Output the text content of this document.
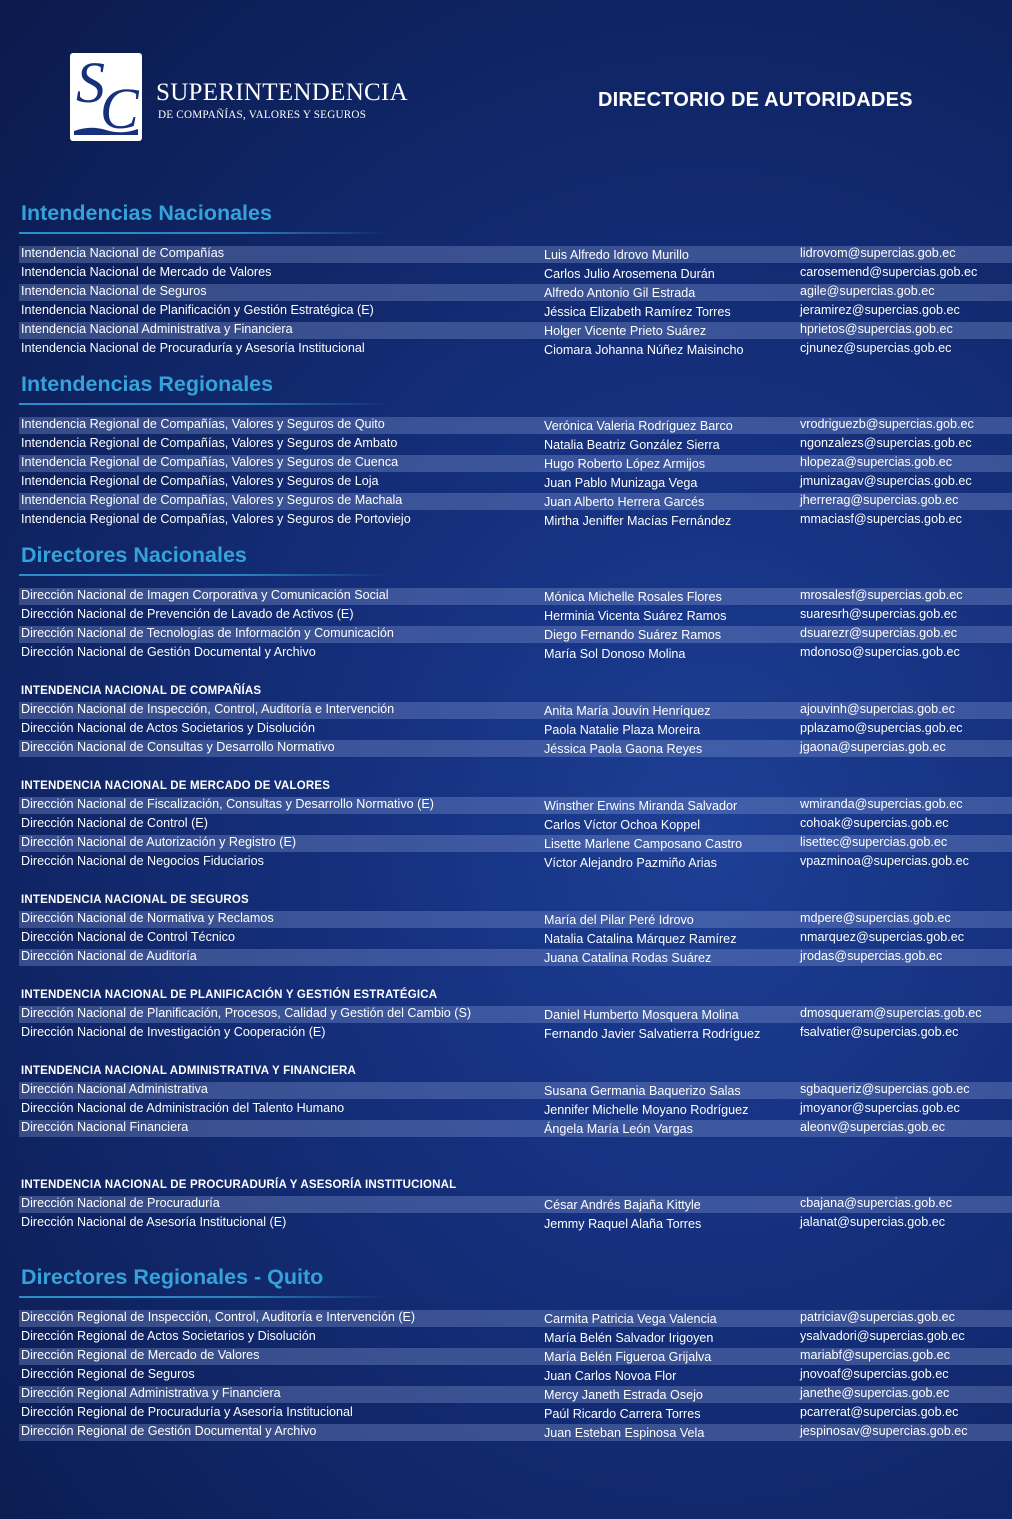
S
C SUPERINTENDENCIA
DE COMPAÑÍAS, VALORES Y SEGUROS
DIRECTORIO DE AUTORIDADES
Intendencias Nacionales
Intendencia Nacional de Compañías	Luis Alfredo Idrovo Murillo	lidrovom@supercias.gob.ec
Intendencia Nacional de Mercado de Valores	Carlos Julio Arosemena Durán	carosemend@supercias.gob.ec
Intendencia Nacional de Seguros	Alfredo Antonio Gil Estrada	agile@supercias.gob.ec
Intendencia Nacional de Planificación y Gestión Estratégica (E)	Jéssica Elizabeth Ramírez Torres	jeramirez@supercias.gob.ec
Intendencia Nacional Administrativa y Financiera	Holger Vicente Prieto Suárez	hprietos@supercias.gob.ec
Intendencia Nacional de Procuraduría y Asesoría Institucional	Ciomara Johanna Núñez Maisincho	cjnunez@supercias.gob.ec
Intendencias Regionales
Intendencia Regional de Compañías, Valores y Seguros de Quito	Verónica Valeria Rodríguez Barco	vrodriguezb@supercias.gob.ec
Intendencia Regional de Compañías, Valores y Seguros de Ambato	Natalia Beatriz González Sierra	ngonzalezs@supercias.gob.ec
Intendencia Regional de Compañías, Valores y Seguros de Cuenca	Hugo Roberto López Armijos	hlopeza@supercias.gob.ec
Intendencia Regional de Compañías, Valores y Seguros de Loja	Juan Pablo Munizaga Vega	jmunizagav@supercias.gob.ec
Intendencia Regional de Compañías, Valores y Seguros de Machala	Juan Alberto Herrera Garcés	jherrerag@supercias.gob.ec
Intendencia Regional de Compañías, Valores y Seguros de Portoviejo	Mirtha Jeniffer Macías Fernández	mmaciasf@supercias.gob.ec
Directores Nacionales
Dirección Nacional de Imagen Corporativa y Comunicación Social	Mónica Michelle Rosales Flores	mrosalesf@supercias.gob.ec
Dirección Nacional de Prevención de Lavado de Activos (E)	Herminia Vicenta Suárez Ramos	suaresrh@supercias.gob.ec
Dirección Nacional de Tecnologías de Información y Comunicación	Diego Fernando Suárez Ramos	dsuarezr@supercias.gob.ec
Dirección Nacional de Gestión Documental y Archivo	María Sol Donoso Molina	mdonoso@supercias.gob.ec
INTENDENCIA NACIONAL DE COMPAÑÍAS
Dirección Nacional de Inspección, Control, Auditoría e Intervención	Anita María Jouvín Henríquez	ajouvinh@supercias.gob.ec
Dirección Nacional de Actos Societarios y Disolución	Paola Natalie Plaza Moreira	pplazamo@supercias.gob.ec
Dirección Nacional de Consultas y Desarrollo Normativo	Jéssica Paola Gaona Reyes	jgaona@supercias.gob.ec
INTENDENCIA NACIONAL DE MERCADO DE VALORES
Dirección Nacional de Fiscalización, Consultas y Desarrollo Normativo (E)	Winsther Erwins Miranda Salvador	wmiranda@supercias.gob.ec
Dirección Nacional de Control (E)	Carlos Víctor Ochoa Koppel	cohoak@supercias.gob.ec
Dirección Nacional de Autorización y Registro (E)	Lisette Marlene Camposano Castro	lisettec@supercias.gob.ec
Dirección Nacional de Negocios Fiduciarios	Víctor Alejandro Pazmiño Arias	vpazminoa@supercias.gob.ec
INTENDENCIA NACIONAL DE SEGUROS
Dirección Nacional de Normativa y Reclamos	María del Pilar Peré Idrovo	mdpere@supercias.gob.ec
Dirección Nacional de Control Técnico	Natalia Catalina Márquez Ramírez	nmarquez@supercias.gob.ec
Dirección Nacional de Auditoría	Juana Catalina Rodas Suárez	jrodas@supercias.gob.ec
INTENDENCIA NACIONAL DE PLANIFICACIÓN Y GESTIÓN ESTRATÉGICA
Dirección Nacional de Planificación, Procesos, Calidad y Gestión del Cambio (S)	Daniel Humberto Mosquera Molina	dmosqueram@supercias.gob.ec
Dirección Nacional de Investigación y Cooperación (E)	Fernando Javier Salvatierra Rodríguez	fsalvatier@supercias.gob.ec
INTENDENCIA NACIONAL ADMINISTRATIVA Y FINANCIERA
Dirección Nacional Administrativa	Susana Germania Baquerizo Salas	sgbaqueriz@supercias.gob.ec
Dirección Nacional de Administración del Talento Humano	Jennifer Michelle Moyano Rodríguez	jmoyanor@supercias.gob.ec
Dirección Nacional Financiera	Ángela María León Vargas	aleonv@supercias.gob.ec
INTENDENCIA NACIONAL DE PROCURADURÍA Y ASESORÍA INSTITUCIONAL
Dirección Nacional de Procuraduría	César Andrés Bajaña Kittyle	cbajana@supercias.gob.ec
Dirección Nacional de Asesoría Institucional (E)	Jemmy Raquel Alaña Torres	jalanat@supercias.gob.ec
Directores Regionales - Quito
Dirección Regional de Inspección, Control, Auditoría e Intervención (E)	Carmita Patricia Vega Valencia	patriciav@supercias.gob.ec
Dirección Regional de Actos Societarios y Disolución	María Belén Salvador Irigoyen	ysalvadori@supercias.gob.ec
Dirección Regional de Mercado de Valores	María Belén Figueroa Grijalva	mariabf@supercias.gob.ec
Dirección Regional de Seguros	Juan Carlos Novoa Flor	jnovoaf@supercias.gob.ec
Dirección Regional Administrativa y Financiera	Mercy Janeth Estrada Osejo	janethe@supercias.gob.ec
Dirección Regional de Procuraduría y Asesoría Institucional	Paúl Ricardo Carrera Torres	pcarrerat@supercias.gob.ec
Dirección Regional de Gestión Documental y Archivo	Juan Esteban Espinosa Vela	jespinosav@supercias.gob.ec
